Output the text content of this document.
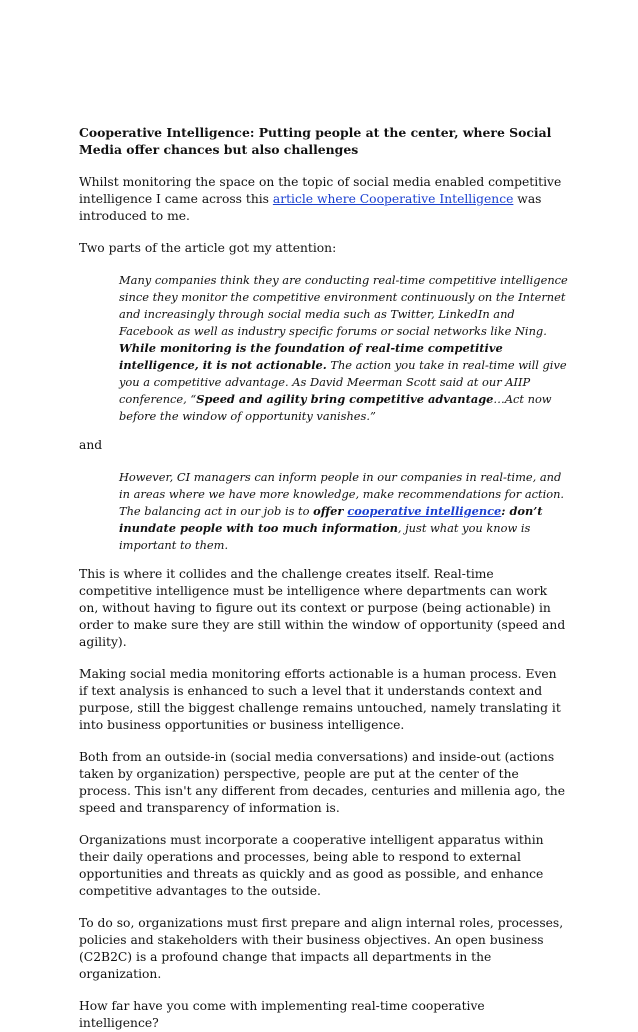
Cooperative Intelligence: Putting people at the center, where Social Media offer chances but also challenges

Whilst monitoring the space on the topic of social media enabled competitive intelligence I came across this article where Cooperative Intelligence was introduced to me.

Two parts of the article got my attention:

Many companies think they are conducting real-time competitive intelligence since they monitor the competitive environment continuously on the Internet and increasingly through social media such as Twitter, LinkedIn and Facebook as well as industry specific forums or social networks like Ning. While monitoring is the foundation of real-time competitive intelligence, it is not actionable. The action you take in real-time will give you a competitive advantage. As David Meerman Scott said at our AIIP conference, “Speed and agility bring competitive advantage…Act now before the window of opportunity vanishes.”

and

However, CI managers can inform people in our companies in real-time, and in areas where we have more knowledge, make recommendations for action. The balancing act in our job is to offer cooperative intelligence: don’t inundate people with too much information, just what you know is important to them.

This is where it collides and the challenge creates itself. Real-time competitive intelligence must be intelligence where departments can work on, without having to figure out its context or purpose (being actionable) in order to make sure they are still within the window of opportunity (speed and agility).

Making social media monitoring efforts actionable is a human process. Even if text analysis is enhanced to such a level that it understands context and purpose, still the biggest challenge remains untouched, namely translating it into business opportunities or business intelligence.

Both from an outside-in (social media conversations) and inside-out (actions taken by organization) perspective, people are put at the center of the process. This isn't any different from decades, centuries and millenia ago, the speed and transparency of information is.

Organizations must incorporate a cooperative intelligent apparatus within their daily operations and processes, being able to respond to external opportunities and threats as quickly and as good as possible, and enhance competitive advantages to the outside.

To do so, organizations must first prepare and align internal roles, processes, policies and stakeholders with their business objectives. An open business (C2B2C) is a profound change that impacts all departments in the organization.

How far have you come with implementing real-time cooperative intelligence?
